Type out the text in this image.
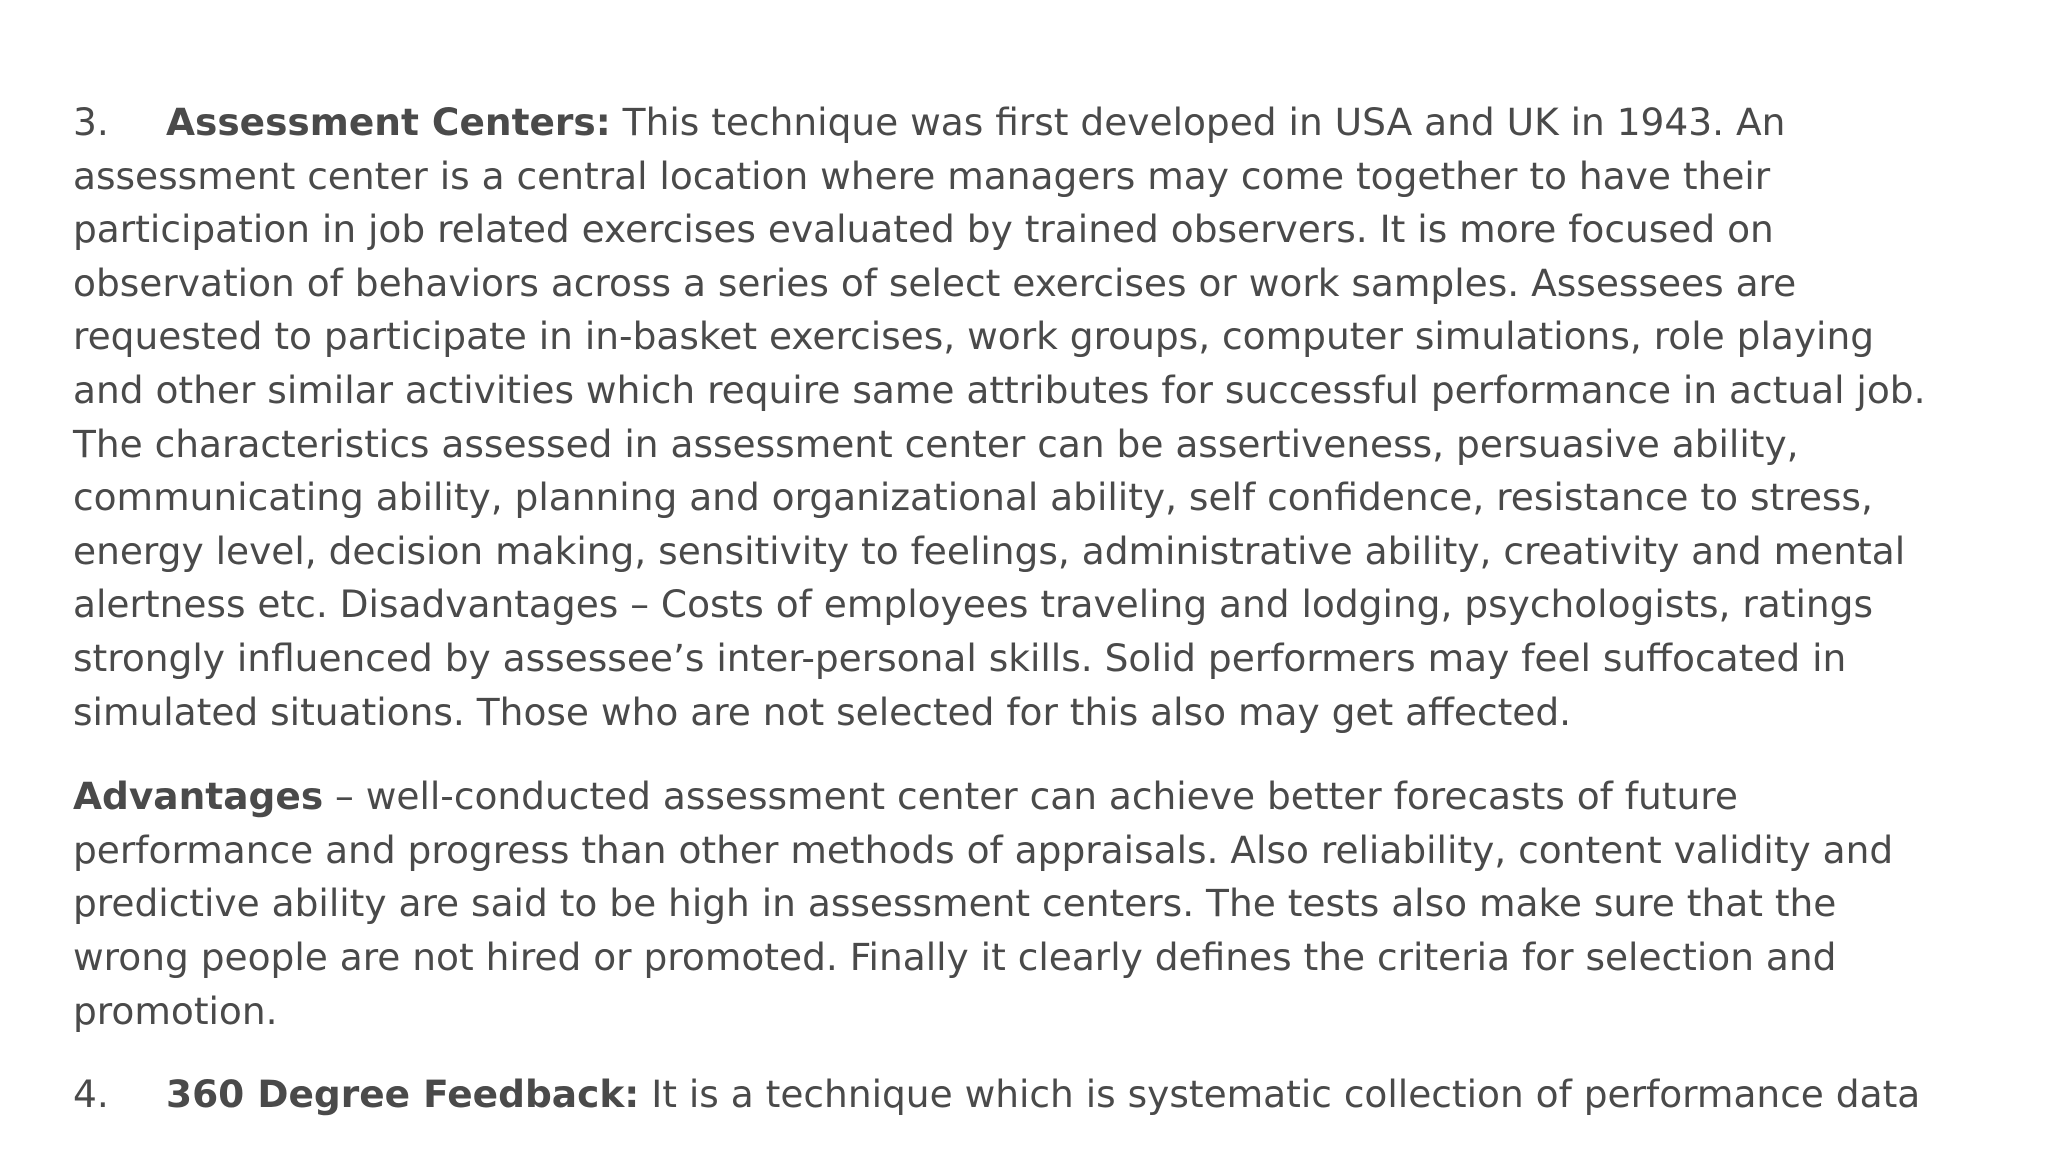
3. Assessment Centers: This technique was first developed in USA and UK in 1943. An
assessment center is a central location where managers may come together to have their
participation in job related exercises evaluated by trained observers. It is more focused on
observation of behaviors across a series of select exercises or work samples. Assessees are
requested to participate in in-basket exercises, work groups, computer simulations, role playing
and other similar activities which require same attributes for successful performance in actual job.
The characteristics assessed in assessment center can be assertiveness, persuasive ability,
communicating ability, planning and organizational ability, self confidence, resistance to stress,
energy level, decision making, sensitivity to feelings, administrative ability, creativity and mental
alertness etc. Disadvantages – Costs of employees traveling and lodging, psychologists, ratings
strongly influenced by assessee’s inter-personal skills. Solid performers may feel suffocated in
simulated situations. Those who are not selected for this also may get affected.

Advantages – well-conducted assessment center can achieve better forecasts of future
performance and progress than other methods of appraisals. Also reliability, content validity and
predictive ability are said to be high in assessment centers. The tests also make sure that the
wrong people are not hired or promoted. Finally it clearly defines the criteria for selection and
promotion.

4. 360 Degree Feedback: It is a technique which is systematic collection of performance data
